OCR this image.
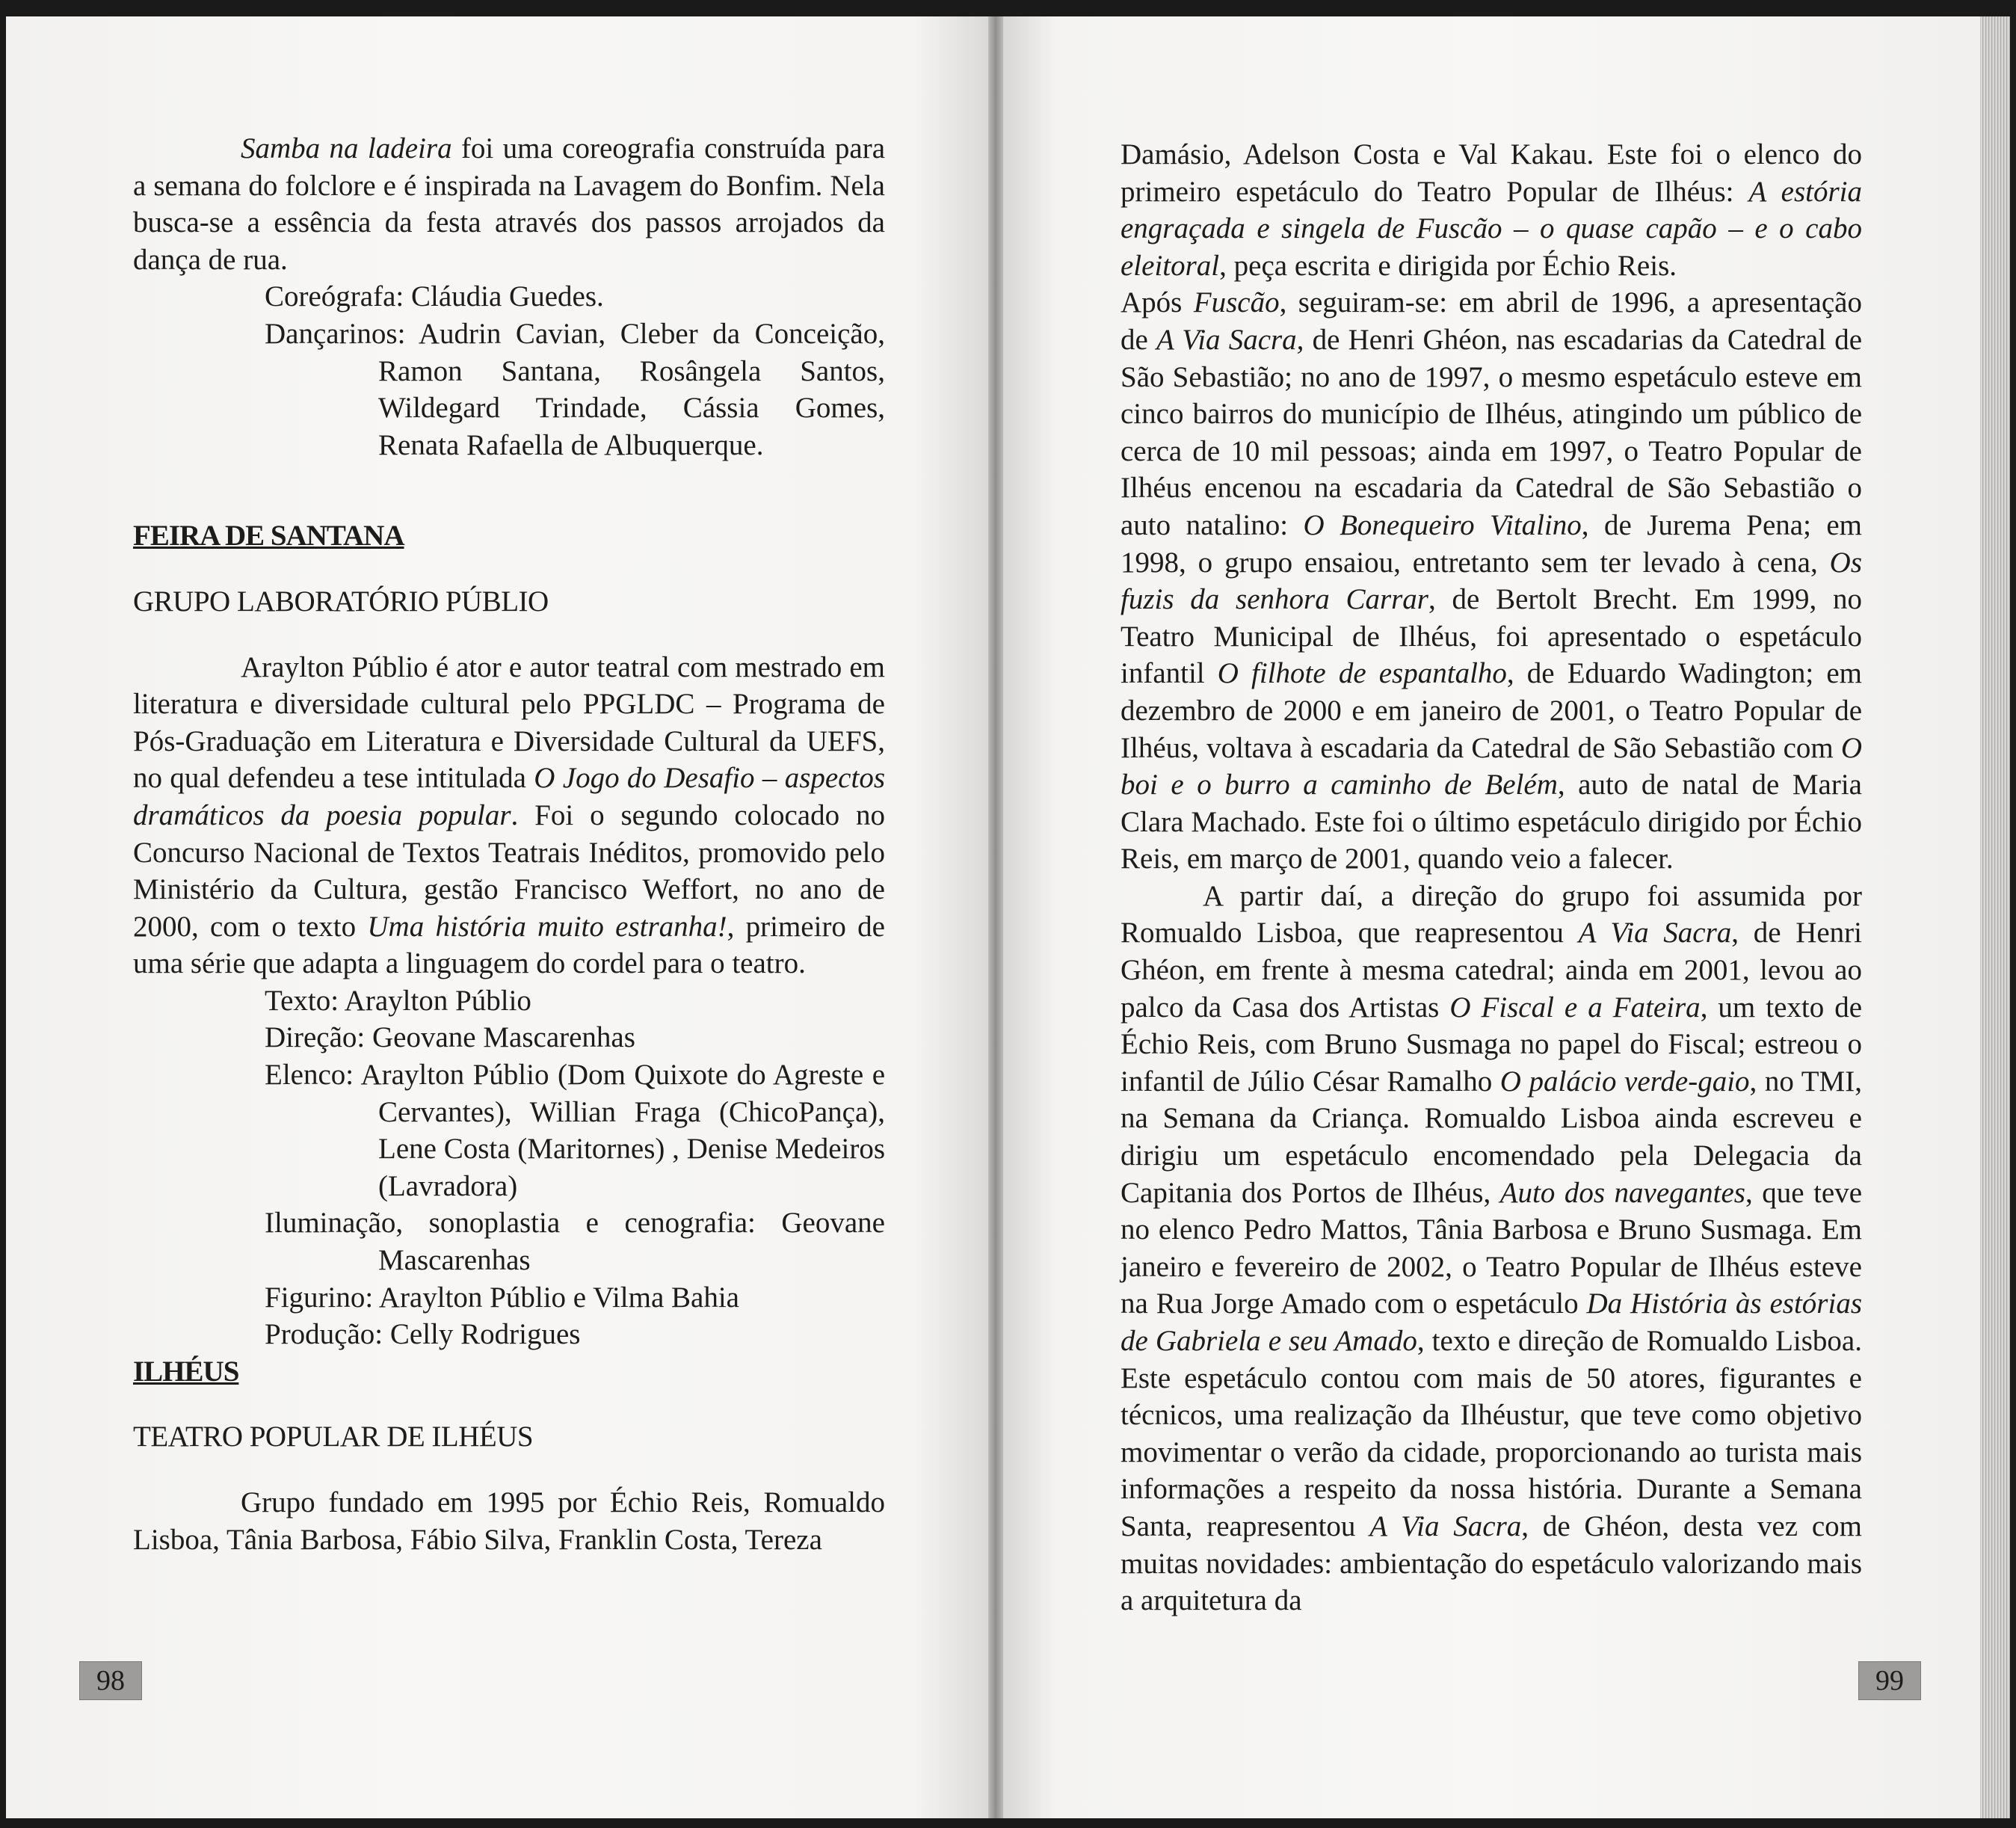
Samba na ladeira foi uma coreografia construída para a semana do folclore e é inspirada na Lavagem do Bonfim. Nela busca-se a essência da festa através dos passos arrojados da dança de rua.

Coreógrafa: Cláudia Guedes.

Dançarinos: Audrin Cavian, Cleber da Conceição, Ramon Santana, Rosângela Santos, Wildegard Trindade, Cássia Gomes, Renata Rafaella de Albuquerque.

FEIRA DE SANTANA

GRUPO LABORATÓRIO PÚBLIO

Araylton Públio é ator e autor teatral com mestrado em literatura e diversidade cultural pelo PPGLDC – Programa de Pós-Graduação em Literatura e Diversidade Cultural da UEFS, no qual defendeu a tese intitulada O Jogo do Desafio – aspectos dramáticos da poesia popular. Foi o segundo colocado no Concurso Nacional de Textos Teatrais Inéditos, promovido pelo Ministério da Cultura, gestão Francisco Weffort, no ano de 2000, com o texto Uma história muito estranha!, primeiro de uma série que adapta a linguagem do cordel para o teatro.

Texto: Araylton Públio

Direção: Geovane Mascarenhas

Elenco: Araylton Públio (Dom Quixote do Agreste e Cervantes), Willian Fraga (ChicoPança), Lene Costa (Maritornes) , Denise Medeiros (Lavradora)

Iluminação, sonoplastia e cenografia: Geovane Mascarenhas

Figurino: Araylton Públio e Vilma Bahia

Produção: Celly Rodrigues

ILHÉUS

TEATRO POPULAR DE ILHÉUS

Grupo fundado em 1995 por Échio Reis, Romualdo Lisboa, Tânia Barbosa, Fábio Silva, Franklin Costa, Tereza

Damásio, Adelson Costa e Val Kakau. Este foi o elenco do primeiro espetáculo do Teatro Popular de Ilhéus: A estória engraçada e singela de Fuscão – o quase capão – e o cabo eleitoral, peça escrita e dirigida por Échio Reis.

Após Fuscão, seguiram-se: em abril de 1996, a apresentação de A Via Sacra, de Henri Ghéon, nas escadarias da Catedral de São Sebastião; no ano de 1997, o mesmo espetáculo esteve em cinco bairros do município de Ilhéus, atingindo um público de cerca de 10 mil pessoas; ainda em 1997, o Teatro Popular de Ilhéus encenou na escadaria da Catedral de São Sebastião o auto natalino: O Bonequeiro Vitalino, de Jurema Pena; em 1998, o grupo ensaiou, entretanto sem ter levado à cena, Os fuzis da senhora Carrar, de Bertolt Brecht. Em 1999, no Teatro Municipal de Ilhéus, foi apresentado o espetáculo infantil O filhote de espantalho, de Eduardo Wadington; em dezembro de 2000 e em janeiro de 2001, o Teatro Popular de Ilhéus, voltava à escadaria da Catedral de São Sebastião com O boi e o burro a caminho de Belém, auto de natal de Maria Clara Machado. Este foi o último espetáculo dirigido por Échio Reis, em março de 2001, quando veio a falecer.

A partir daí, a direção do grupo foi assumida por Romualdo Lisboa, que reapresentou A Via Sacra, de Henri Ghéon, em frente à mesma catedral; ainda em 2001, levou ao palco da Casa dos Artistas O Fiscal e a Fateira, um texto de Échio Reis, com Bruno Susmaga no papel do Fiscal; estreou o infantil de Júlio César Ramalho O palácio verde-gaio, no TMI, na Semana da Criança. Romualdo Lisboa ainda escreveu e dirigiu um espetáculo encomendado pela Delegacia da Capitania dos Portos de Ilhéus, Auto dos navegantes, que teve no elenco Pedro Mattos, Tânia Barbosa e Bruno Susmaga. Em janeiro e fevereiro de 2002, o Teatro Popular de Ilhéus esteve na Rua Jorge Amado com o espetáculo Da História às estórias de Gabriela e seu Amado, texto e direção de Romualdo Lisboa. Este espetáculo contou com mais de 50 atores, figurantes e técnicos, uma realização da Ilhéustur, que teve como objetivo movimentar o verão da cidade, proporcionando ao turista mais informações a respeito da nossa história. Durante a Semana Santa, reapresentou A Via Sacra, de Ghéon, desta vez com muitas novidades: ambientação do espetáculo valorizando mais a arquitetura da

98	99
